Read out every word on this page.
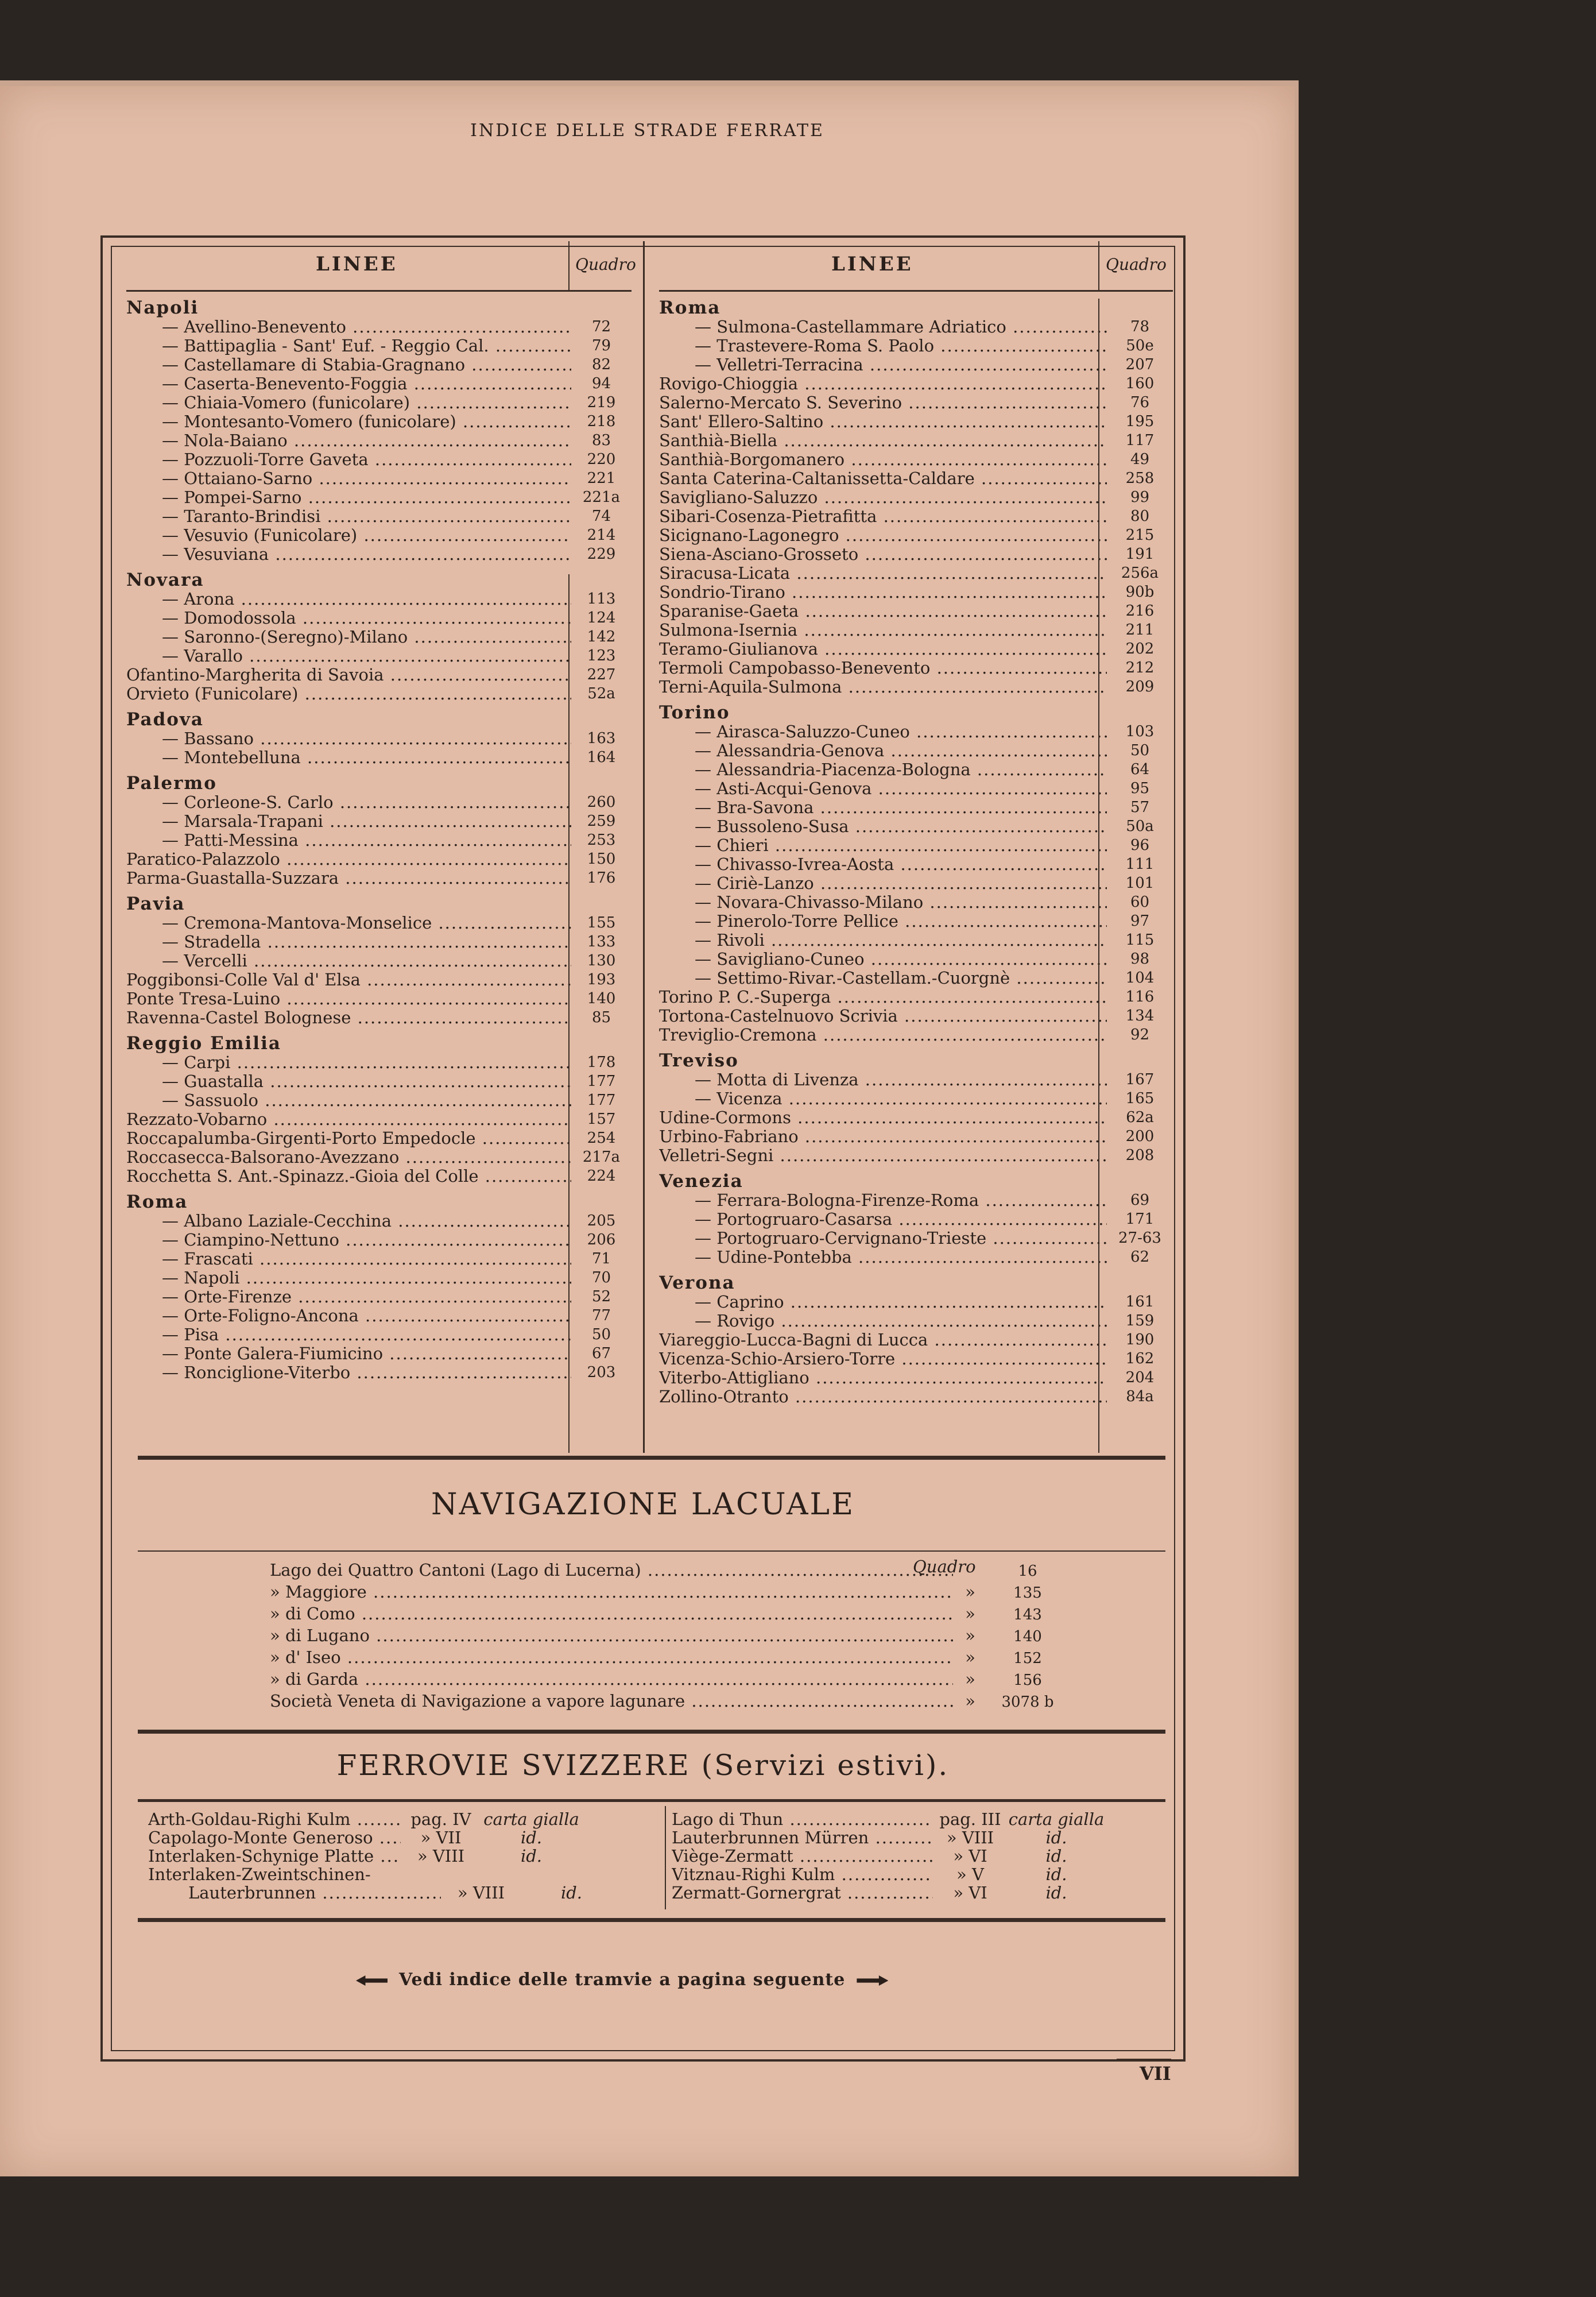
INDICE DELLE STRADE FERRATE
LINEE	Quadro
Napoli
— Avellino-Benevento .....	72
— Battipaglia - Sant' Euf. - Reggio Cal. .....	79
— Castellamare di Stabia-Gragnano .....	82
— Caserta-Benevento-Foggia .....	94
— Chiaia-Vomero (funicolare) .....	219
— Montesanto-Vomero (funicolare) .....	218
— Nola-Baiano .....	83
— Pozzuoli-Torre Gaveta .....	220
— Ottaiano-Sarno .....	221
— Pompei-Sarno .....	221a
— Taranto-Brindisi .....	74
— Vesuvio (Funicolare) .....	214
— Vesuviana .....	229
Novara
— Arona .....	113
— Domodossola .....	124
— Saronno-(Seregno)-Milano .....	142
— Varallo .....	123
Ofantino-Margherita di Savoia .....	227
Orvieto (Funicolare) .....	52a
Padova
— Bassano .....	163
— Montebelluna .....	164
Palermo
— Corleone-S. Carlo .....	260
— Marsala-Trapani .....	259
— Patti-Messina .....	253
Paratico-Palazzolo .....	150
Parma-Guastalla-Suzzara .....	176
Pavia
— Cremona-Mantova-Monselice .....	155
— Stradella .....	133
— Vercelli .....	130
Poggibonsi-Colle Val d' Elsa .....	193
Ponte Tresa-Luino .....	140
Ravenna-Castel Bolognese .....	85
Reggio Emilia
— Carpi .....	178
— Guastalla .....	177
— Sassuolo .....	177
Rezzato-Vobarno .....	157
Roccapalumba-Girgenti-Porto Empedocle .....	254
Roccasecca-Balsorano-Avezzano .....	217a
Rocchetta S. Ant.-Spinazz.-Gioia del Colle .....	224
Roma
— Albano Laziale-Cecchina .....	205
— Ciampino-Nettuno .....	206
— Frascati .....	71
— Napoli .....	70
— Orte-Firenze .....	52
— Orte-Foligno-Ancona .....	77
— Pisa .....	50
— Ponte Galera-Fiumicino .....	67
— Ronciglione-Viterbo .....	203
LINEE	Quadro
Roma
— Sulmona-Castellammare Adriatico .....	78
— Trastevere-Roma S. Paolo .....	50e
— Velletri-Terracina .....	207
Rovigo-Chioggia .....	160
Salerno-Mercato S. Severino .....	76
Sant' Ellero-Saltino .....	195
Santhià-Biella .....	117
Santhià-Borgomanero .....	49
Santa Caterina-Caltanissetta-Caldare .....	258
Savigliano-Saluzzo .....	99
Sibari-Cosenza-Pietrafitta .....	80
Sicignano-Lagonegro .....	215
Siena-Asciano-Grosseto .....	191
Siracusa-Licata .....	256a
Sondrio-Tirano .....	90b
Sparanise-Gaeta .....	216
Sulmona-Isernia .....	211
Teramo-Giulianova .....	202
Termoli Campobasso-Benevento .....	212
Terni-Aquila-Sulmona .....	209
Torino
— Airasca-Saluzzo-Cuneo .....	103
— Alessandria-Genova .....	50
— Alessandria-Piacenza-Bologna .....	64
— Asti-Acqui-Genova .....	95
— Bra-Savona .....	57
— Bussoleno-Susa .....	50a
— Chieri .....	96
— Chivasso-Ivrea-Aosta .....	111
— Ciriè-Lanzo .....	101
— Novara-Chivasso-Milano .....	60
— Pinerolo-Torre Pellice .....	97
— Rivoli .....	115
— Savigliano-Cuneo .....	98
— Settimo-Rivar.-Castellam.-Cuorgnè .....	104
Torino P. C.-Superga .....	116
Tortona-Castelnuovo Scrivia .....	134
Treviglio-Cremona .....	92
Treviso
— Motta di Livenza .....	167
— Vicenza .....	165
Udine-Cormons .....	62a
Urbino-Fabriano .....	200
Velletri-Segni .....	208
Venezia
— Ferrara-Bologna-Firenze-Roma .....	69
— Portogruaro-Casarsa .....	171
— Portogruaro-Cervignano-Trieste .....	27-63
— Udine-Pontebba .....	62
Verona
— Caprino .....	161
— Rovigo .....	159
Viareggio-Lucca-Bagni di Lucca .....	190
Vicenza-Schio-Arsiero-Torre .....	162
Viterbo-Attigliano .....	204
Zollino-Otranto .....	84a
NAVIGAZIONE LACUALE
Quadro
Lago dei Quattro Cantoni (Lago di Lucerna) .....	16
» Maggiore .....	»	135
» di Como .....	»	143
» di Lugano .....	»	140
» d' Iseo .....	»	152
» di Garda .....	»	156
Società Veneta di Navigazione a vapore lagunare .....	»	3078 b
FERROVIE SVIZZERE (Servizi estivi).
Arth-Goldau-Righi Kulm .....	pag. IV carta gialla
Capolago-Monte Generoso .....	» VII	id.
Interlaken-Schynige Platte .....	» VIII	id.
Interlaken-Zweintschinen-
Lauterbrunnen .....	» VIII	id.
Lago di Thun .....	pag. III carta gialla
Lauterbrunnen Mürren .....	» VIII	id.
Viège-Zermatt .....	» VI	id.
Vitznau-Righi Kulm .....	» V	id.
Zermatt-Gornergrat .....	» VI	id.
Vedi indice delle tramvie a pagina seguente
VII
